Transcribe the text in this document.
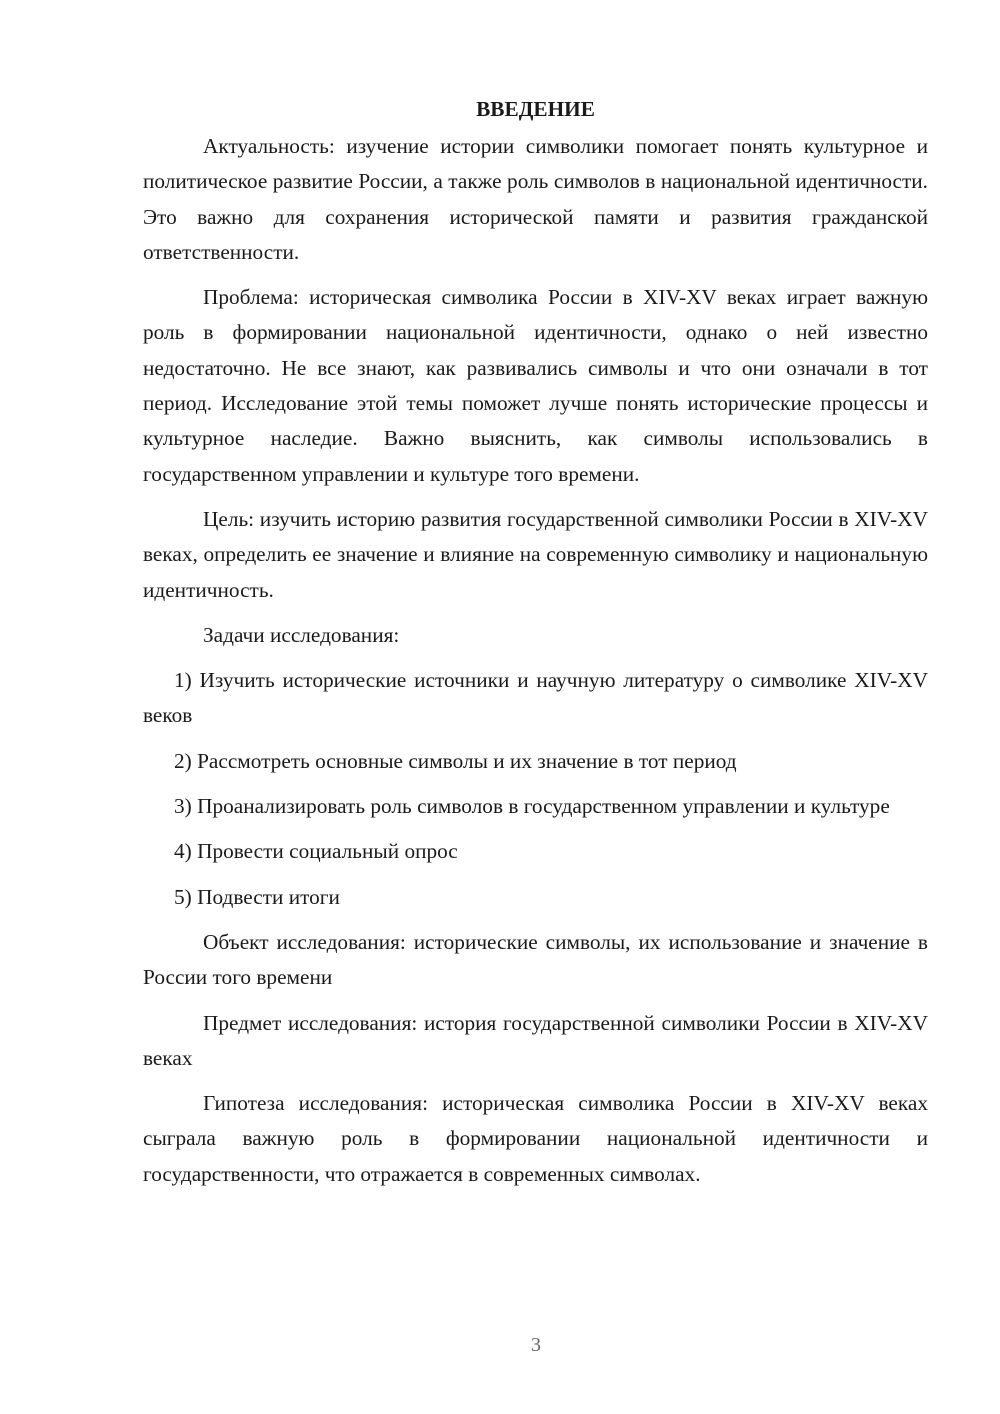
ВВЕДЕНИЕ

Актуальность: изучение истории символики помогает понять культурное и политическое развитие России, а также роль символов в национальной идентичности. Это важно для сохранения исторической памяти и развития гражданской ответственности.

Проблема: историческая символика России в XIV-XV веках играет важную роль в формировании национальной идентичности, однако о ней известно недостаточно. Не все знают, как развивались символы и что они означали в тот период. Исследование этой темы поможет лучше понять исторические процессы и культурное наследие. Важно выяснить, как символы использовались в государственном управлении и культуре того времени.

Цель: изучить историю развития государственной символики России в XIV-XV веках, определить ее значение и влияние на современную символику и национальную идентичность.

Задачи исследования:

1) Изучить исторические источники и научную литературу о символике XIV-XV веков

2) Рассмотреть основные символы и их значение в тот период

3) Проанализировать роль символов в государственном управлении и культуре

4) Провести социальный опрос

5) Подвести итоги

Объект исследования: исторические символы, их использование и значение в России того времени

Предмет исследования: история государственной символики России в XIV-XV веках

Гипотеза исследования: историческая символика России в XIV-XV веках сыграла важную роль в формировании национальной идентичности и государственности, что отражается в современных символах.

3
